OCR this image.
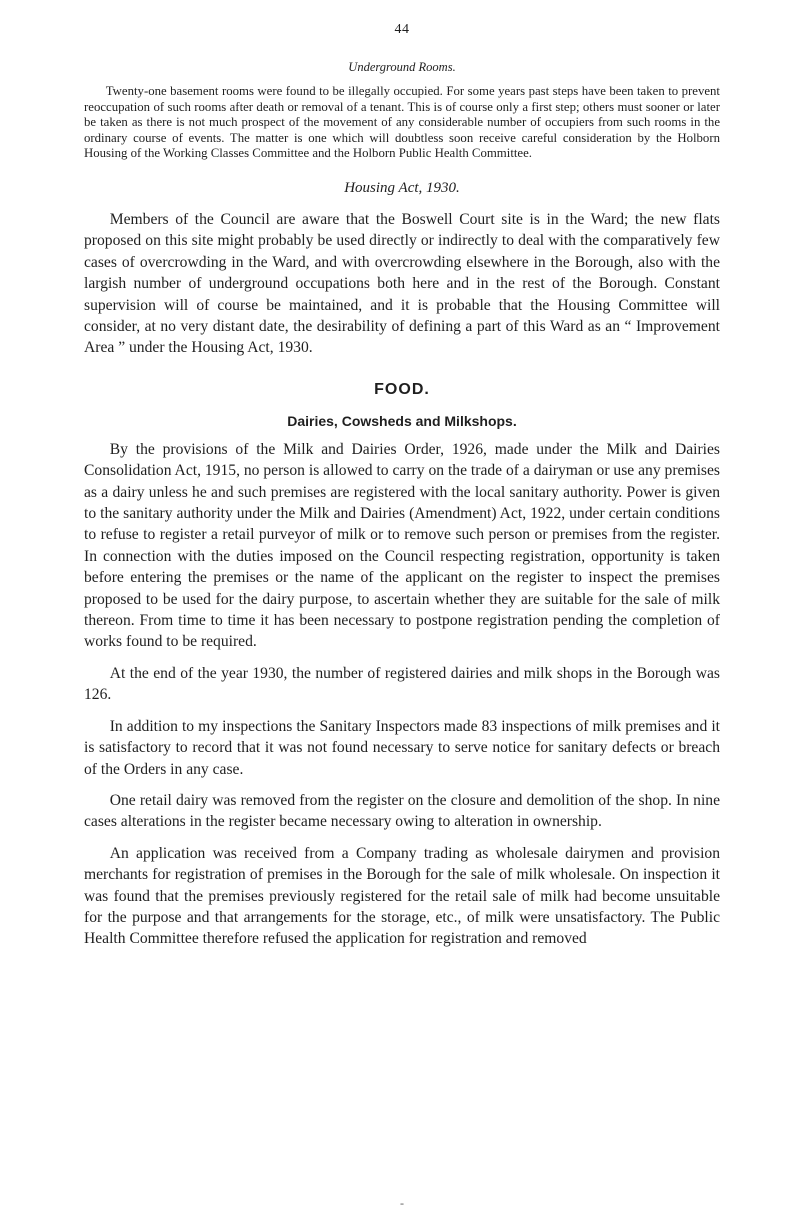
44
Underground Rooms.

Twenty-one basement rooms were found to be illegally occupied. For some years past steps have been taken to prevent reoccupation of such rooms after death or removal of a tenant. This is of course only a first step; others must sooner or later be taken as there is not much prospect of the movement of any considerable number of occupiers from such rooms in the ordinary course of events. The matter is one which will doubtless soon receive careful consideration by the Holborn Housing of the Working Classes Committee and the Holborn Public Health Committee.

Housing Act, 1930.

Members of the Council are aware that the Boswell Court site is in the Ward; the new flats proposed on this site might probably be used directly or indirectly to deal with the comparatively few cases of overcrowding in the Ward, and with overcrowding elsewhere in the Borough, also with the largish number of underground occupations both here and in the rest of the Borough. Constant supervision will of course be maintained, and it is probable that the Housing Committee will consider, at no very distant date, the desirability of defining a part of this Ward as an “ Improvement Area ” under the Housing Act, 1930.

FOOD.
Dairies, Cowsheds and Milkshops.

By the provisions of the Milk and Dairies Order, 1926, made under the Milk and Dairies Consolidation Act, 1915, no person is allowed to carry on the trade of a dairyman or use any premises as a dairy unless he and such premises are registered with the local sanitary authority. Power is given to the sanitary authority under the Milk and Dairies (Amendment) Act, 1922, under certain conditions to refuse to register a retail purveyor of milk or to remove such person or premises from the register. In connection with the duties imposed on the Council respecting registration, opportunity is taken before entering the premises or the name of the applicant on the register to inspect the premises proposed to be used for the dairy purpose, to ascertain whether they are suitable for the sale of milk thereon. From time to time it has been necessary to postpone registration pending the completion of works found to be required.

At the end of the year 1930, the number of registered dairies and milk shops in the Borough was 126.

In addition to my inspections the Sanitary Inspectors made 83 inspections of milk premises and it is satisfactory to record that it was not found necessary to serve notice for sanitary defects or breach of the Orders in any case.

One retail dairy was removed from the register on the closure and demolition of the shop. In nine cases alterations in the register became necessary owing to alteration in ownership.

An application was received from a Company trading as wholesale dairymen and provision merchants for registration of premises in the Borough for the sale of milk wholesale. On inspection it was found that the premises previously registered for the retail sale of milk had become unsuitable for the purpose and that arrangements for the storage, etc., of milk were unsatisfactory. The Public Health Committee therefore refused the application for registration and removed

-
